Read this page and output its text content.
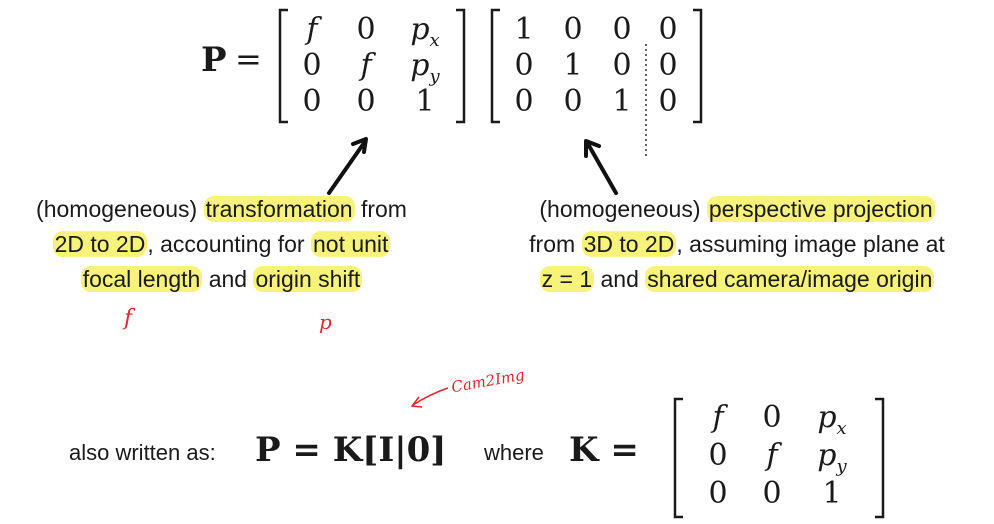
P =
f	0 $p_x$
0	f	$p_y$
0 0 1
1 0 0 0
0 1 0 0
0 0 1 0
(homogeneous) transformation from
2D to 2D, accounting for not unit
focal length and origin shift
(homogeneous) perspective projection
from 3D to 2D, assuming image plane at
z = 1 and shared camera/image origin
f	p
Cam2Img
also written as: P = K[I|0] where K =
f	0 $p_x$
0	f	$p_y$
0 0 1
